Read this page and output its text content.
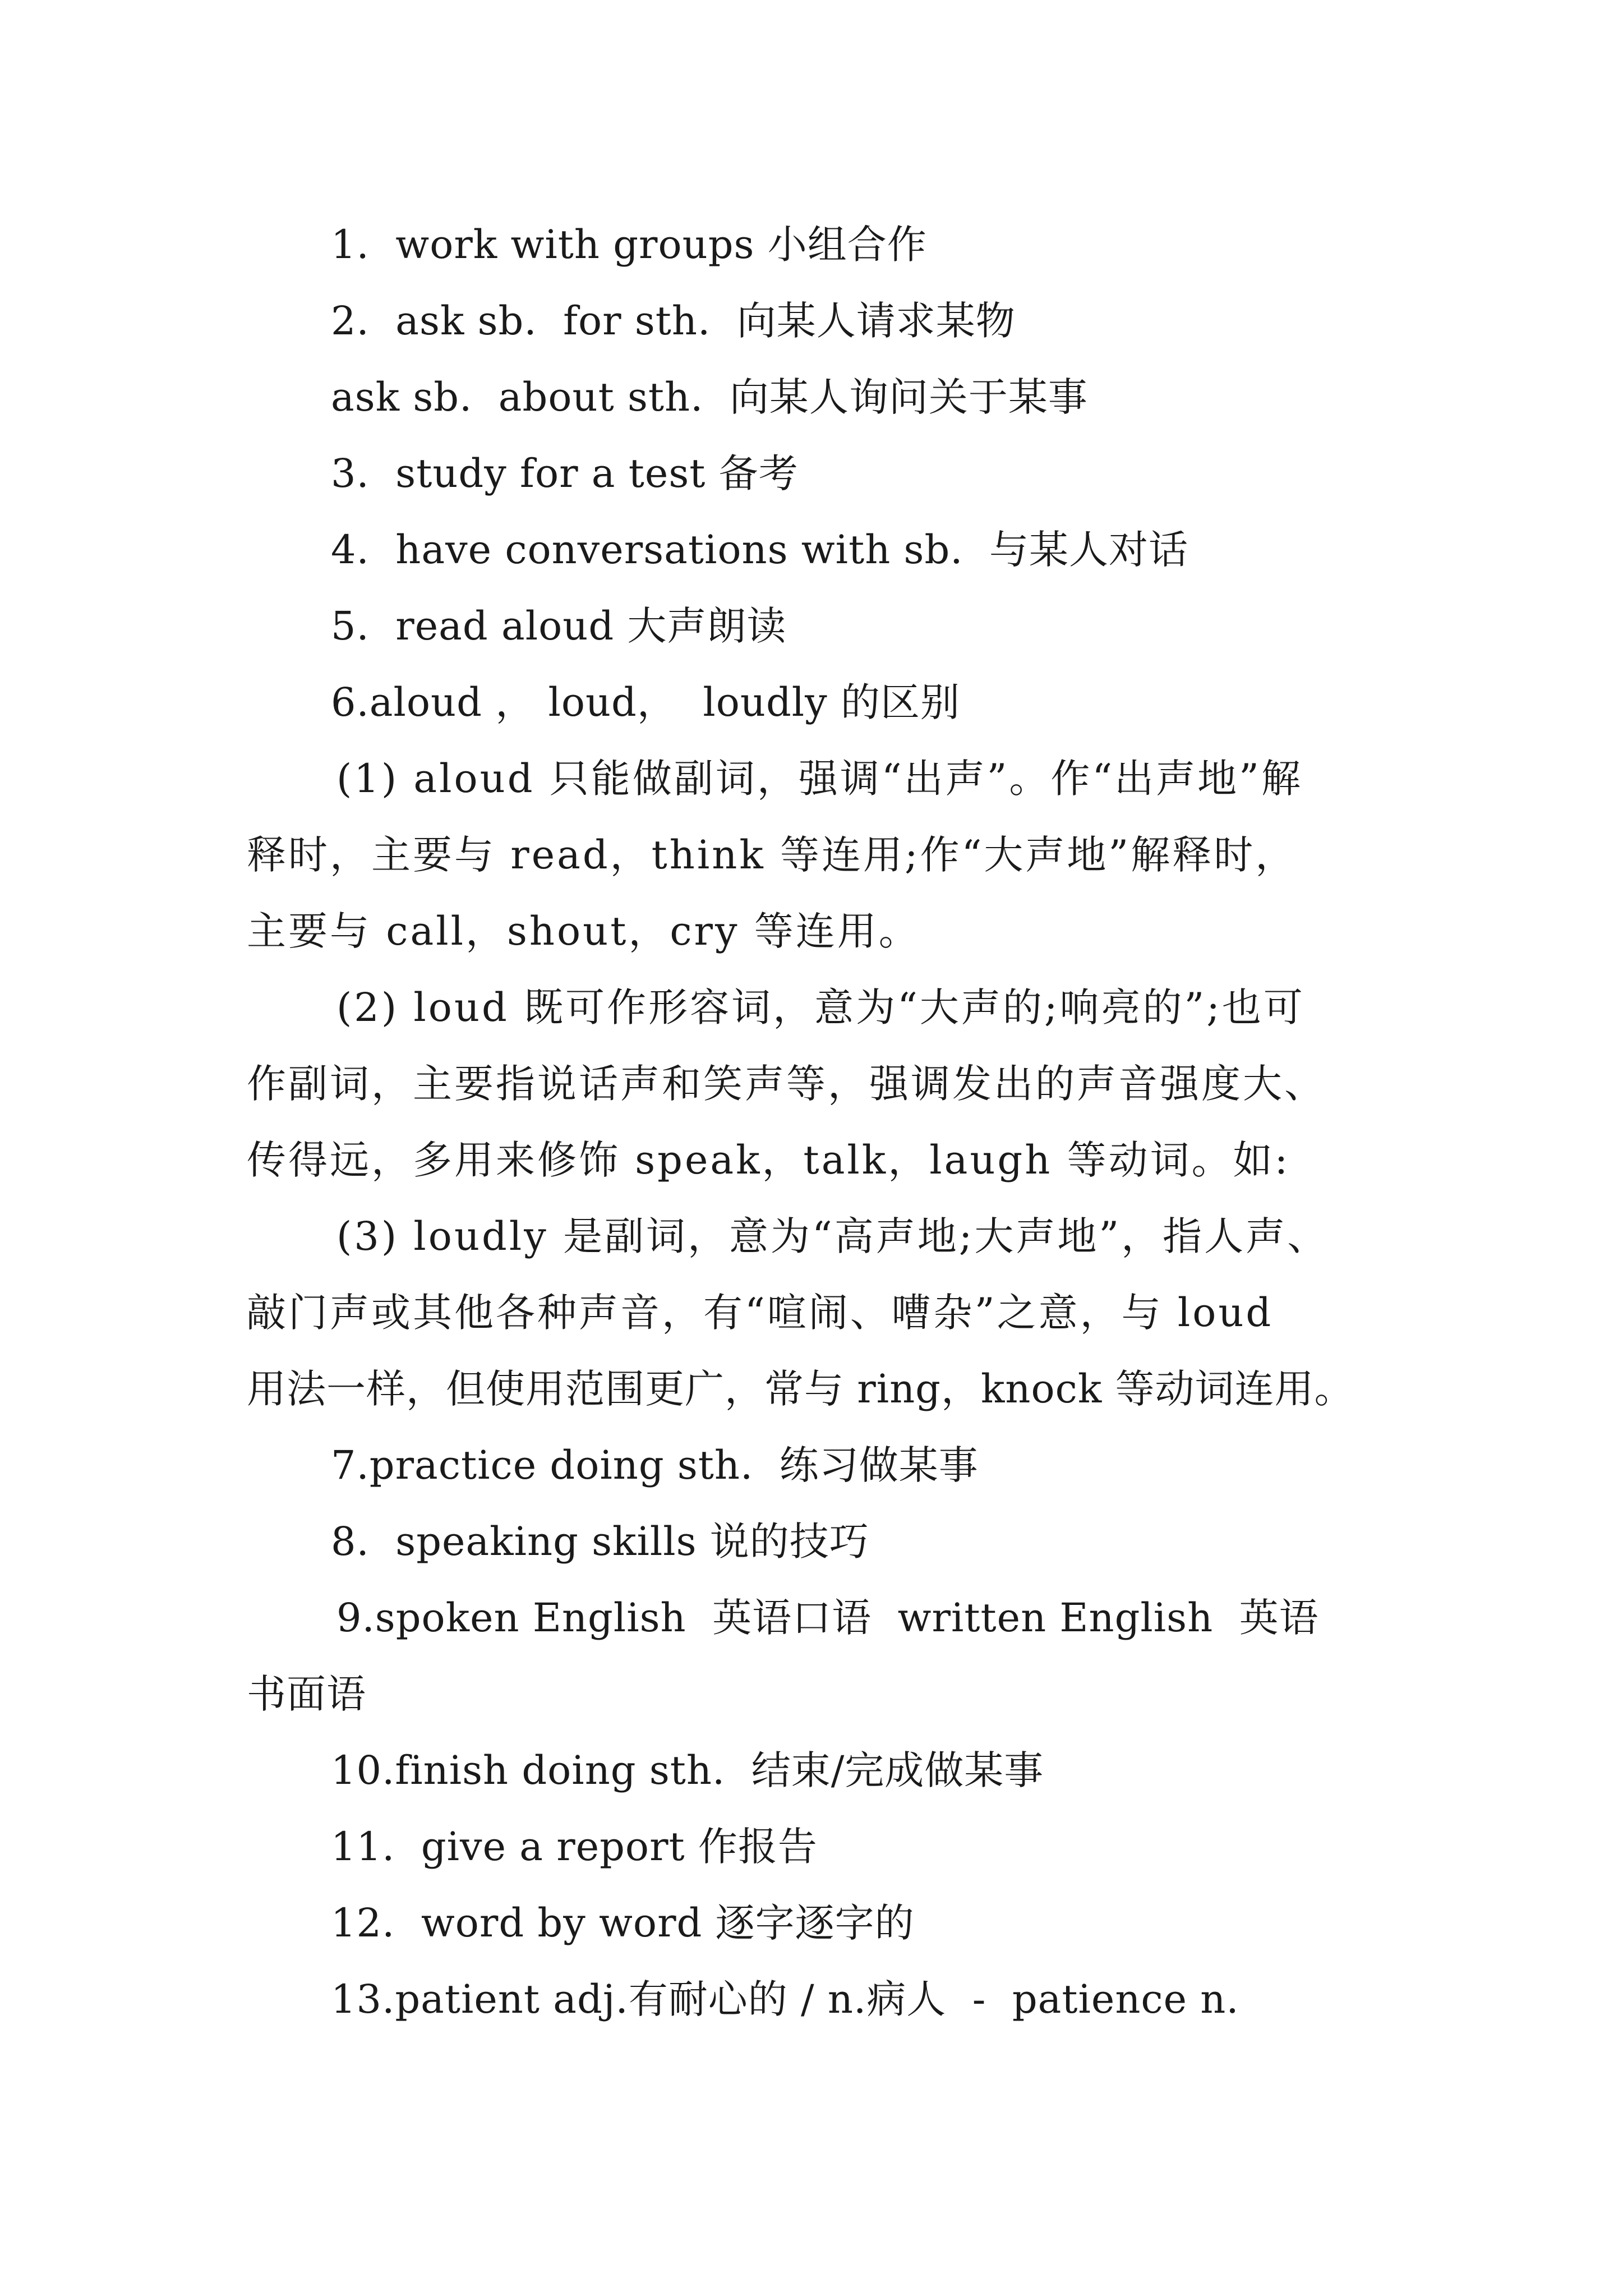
1.  work with groups 小组合作
2.  ask sb.  for sth.  向某人请求某物
ask sb.  about sth.  向某人询问关于某事
3.  study for a test 备考
4.  have conversations with sb.  与某人对话
5.  read aloud 大声朗读
6.aloud ， loud，  loudly 的区别
(1) aloud 只能做副词，强调“出声”。作“出声地”解
释时，主要与 read，think 等连用;作“大声地”解释时，
主要与 call，shout，cry 等连用。
(2) loud 既可作形容词，意为“大声的;响亮的”;也可
作副词，主要指说话声和笑声等，强调发出的声音强度大、
传得远，多用来修饰 speak，talk，laugh 等动词。如:
(3) loudly 是副词，意为“高声地;大声地”，指人声、
敲门声或其他各种声音，有“喧闹、嘈杂”之意，与 loud
用法一样，但使用范围更广，常与 ring，knock 等动词连用。
7.practice doing sth.  练习做某事
8.  speaking skills 说的技巧
9.spoken English  英语口语  written English  英语
书面语
10.finish doing sth.  结束/完成做某事
11.  give a report 作报告
12.  word by word 逐字逐字的
13.patient adj.有耐心的 / n.病人  -  patience n.
